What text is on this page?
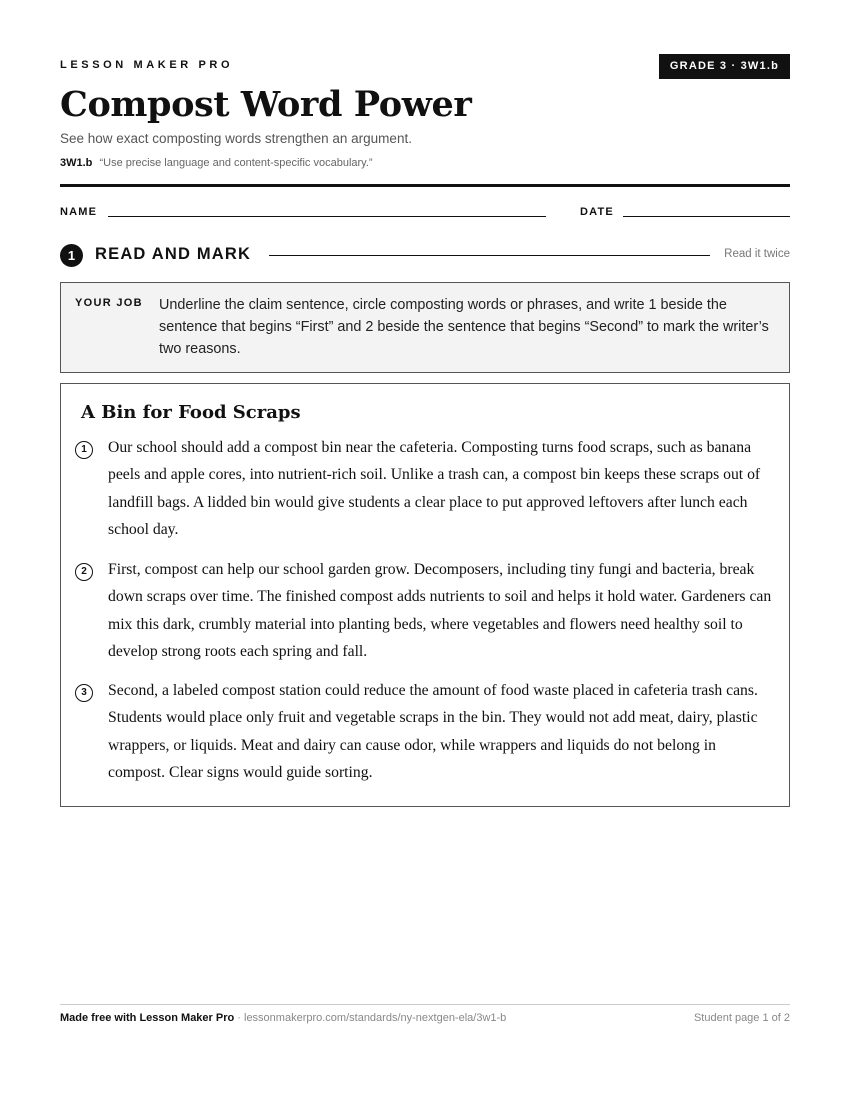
LESSON MAKER PRO	GRADE 3 · 3W1.b
Compost Word Power
See how exact composting words strengthen an argument.
3W1.b “Use precise language and content-specific vocabulary.”
NAME	DATE
1	READ AND MARK	Read it twice
YOUR JOB Underline the claim sentence, circle composting words or phrases, and write 1 beside the sentence that begins “First” and 2 beside the sentence that begins “Second” to mark the writer’s two reasons.
A Bin for Food Scraps
1	Our school should add a compost bin near the cafeteria. Composting turns food scraps, such as banana peels and apple cores, into nutrient-rich soil. Unlike a trash can, a compost bin keeps these scraps out of landfill bags. A lidded bin would give students a clear place to put approved leftovers after lunch each school day.

2	First, compost can help our school garden grow. Decomposers, including tiny fungi and bacteria, break down scraps over time. The finished compost adds nutrients to soil and helps it hold water. Gardeners can mix this dark, crumbly material into planting beds, where vegetables and flowers need healthy soil to develop strong roots each spring and fall.

3	Second, a labeled compost station could reduce the amount of food waste placed in cafeteria trash cans. Students would place only fruit and vegetable scraps in the bin. They would not add meat, dairy, plastic wrappers, or liquids. Meat and dairy can cause odor, while wrappers and liquids do not belong in compost. Clear signs would guide sorting.

Made free with Lesson Maker Pro · lessonmakerpro.com/standards/ny-nextgen-ela/3w1-b	Student page 1 of 2
